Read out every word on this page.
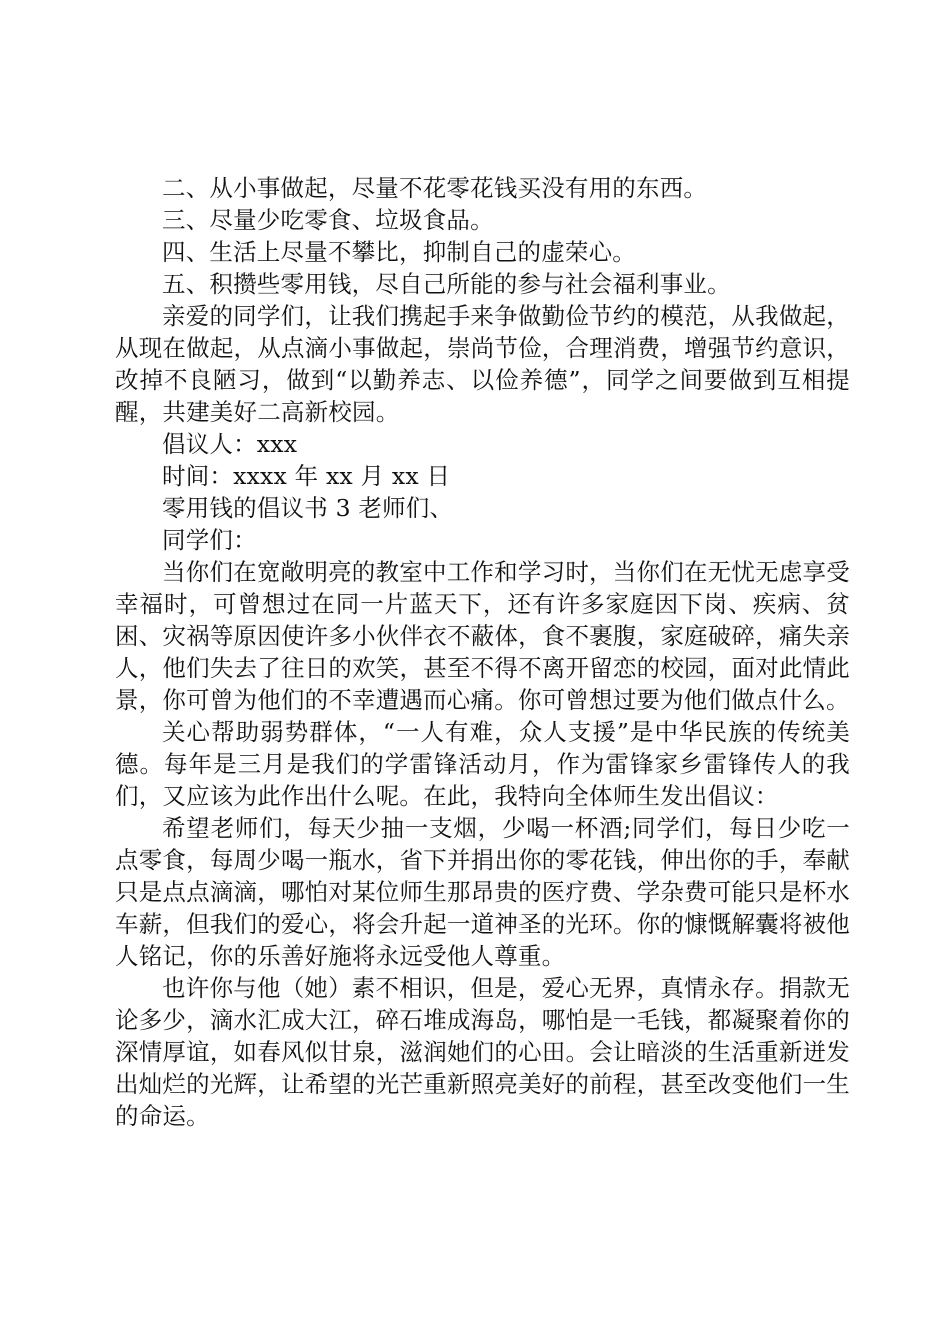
二、从小事做起，尽量不花零花钱买没有用的东西。

三、尽量少吃零食、垃圾食品。

四、生活上尽量不攀比，抑制自己的虚荣心。

五、积攒些零用钱，尽自己所能的参与社会福利事业。

亲爱的同学们，让我们携起手来争做勤俭节约的模范，从我做起，从现在做起，从点滴小事做起，崇尚节俭，合理消费，增强节约意识，改掉不良陋习，做到“以勤养志、以俭养德”，同学之间要做到互相提醒，共建美好二高新校园。

倡议人：xxx

时间：xxxx 年 xx 月 xx 日

零用钱的倡议书 3 老师们、

同学们：

当你们在宽敞明亮的教室中工作和学习时，当你们在无忧无虑享受幸福时，可曾想过在同一片蓝天下，还有许多家庭因下岗、疾病、贫困、灾祸等原因使许多小伙伴衣不蔽体，食不裹腹，家庭破碎，痛失亲人，他们失去了往日的欢笑，甚至不得不离开留恋的校园，面对此情此景，你可曾为他们的不幸遭遇而心痛。你可曾想过要为他们做点什么。

关心帮助弱势群体，“一人有难，众人支援”是中华民族的传统美德。每年是三月是我们的学雷锋活动月，作为雷锋家乡雷锋传人的我们，又应该为此作出什么呢。在此，我特向全体师生发出倡议：

希望老师们，每天少抽一支烟，少喝一杯酒;同学们，每日少吃一点零食，每周少喝一瓶水，省下并捐出你的零花钱，伸出你的手，奉献只是点点滴滴，哪怕对某位师生那昂贵的医疗费、学杂费可能只是杯水车薪，但我们的爱心，将会升起一道神圣的光环。你的慷慨解囊将被他人铭记，你的乐善好施将永远受他人尊重。

也许你与他（她）素不相识，但是，爱心无界，真情永存。捐款无论多少，滴水汇成大江，碎石堆成海岛，哪怕是一毛钱，都凝聚着你的深情厚谊，如春风似甘泉，滋润她们的心田。会让暗淡的生活重新迸发出灿烂的光辉，让希望的光芒重新照亮美好的前程，甚至改变他们一生的命运。
